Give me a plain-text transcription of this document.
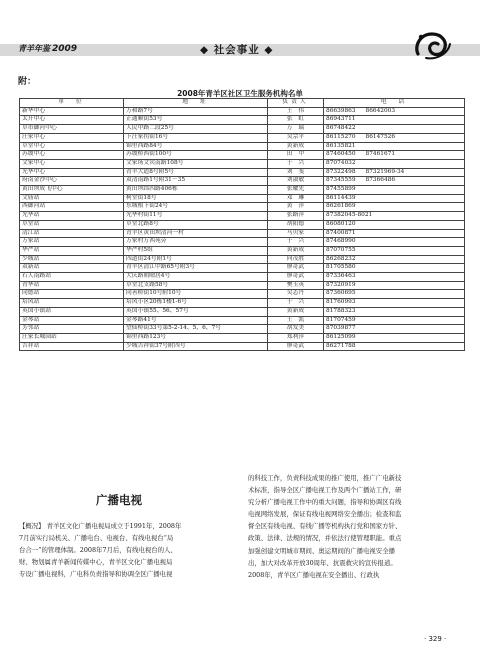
青羊年鉴 2009	◆ 社会事业 ◆
附：
2008年青羊区社区卫生服务机构名单
单　位	地　址	负责人	电　话
新华中心	万和路7号	王　伟	86639863 86642003
太升中心	正通顺街53号	张　虹	86943711
草市御河中心	人民中路二段25号	万　瑞	86748422
汪家中心	下汪家拐街16号	吴宗平	86115270 86147526
草堂中心	锦里西路84号	黄新成	86135821
苏坡中心	苏坡桥西街100号	田　中	87460450 87461671
文家中心	文家场文宾南路108号	于　兴	87074032
光华中心	青羊大道8号附5号	刘　斐	87322498 87321969-34
府南金沙中心	双清南路1号附31－35	刘淑敏	87345559 87366486
黄田坝成飞中心	黄田坝纬四路406栋	张耀先	87455899
文庙站	柯堂街18号	邓　琳	86114439
西御河站	东城根下街24号	黄　萍	86261869
光华站	光华村街11号	张路萍	87382045-8021
草堂站	草堂北路8号	胡阳德	86080120
清江站	青羊区黄田坝清河一村	马贝家	87400871
万家站	万家村万西苑旁	于　兴	87468990
华严站	华严村5组	黄新成	87070755
少城站	四道街24号附1号	向茂胜	86268232
双新站	青羊区清江中路65号附3号	廖奇武	81705580
石人南路站	大庆路朝晴居4号	廖奇武	87336463
青华站	草堂北支路58号	樊玉英	87320919
同德站	同善桥街10号附10号	吴志丹	87360695
培风站	培风小区20栋1楼1-6号	于　兴	81760993
英国小镇站	英国小镇55、56、57号	黄新成	81788323
金琴站	金琴路41号	王　凯	81707459
芳邻站	望仙桥街33号第5-2-14、5、6、7号	胡发美	87039877
汪家长城园站	锦里西路123号	郑利萍	86125099
吉祥站	少城吉祥街37号附四号	廖奇武	86271788
广播电视
【概况】 青羊区文化广播电视局成立于1991年，2008年
7月前实行局机关、广播电台、电视台、有线电视台“局
台合一”的管理体制。2008年7月后，有线电视台的人、
财、物划属青羊新闻传媒中心，青羊区文化广播电视局
专设广播电视科，广电科负责指导和协调全区广播电视
的科技工作，负责科技成果的推广使用，推广广电新技
术标准，指导全区广播电视工作及两个广播站工作，研
究分析广播电视工作中的重大问题，指导和协调区有线
电视网络发展，保证有线电视网络安全播出；检查和监
督全区有线电视、有线广播等机构执行党和国家方针、
政策、法律、法规的情况，并依法行使管理职能。重点
加强创建文明城市期间、奥运期间的广播电视安全播
出，加大对改革开放30周年、抗震救灾的宣传报道。
2008年，青羊区广播电视在安全播出、行政执
· 329 ·
